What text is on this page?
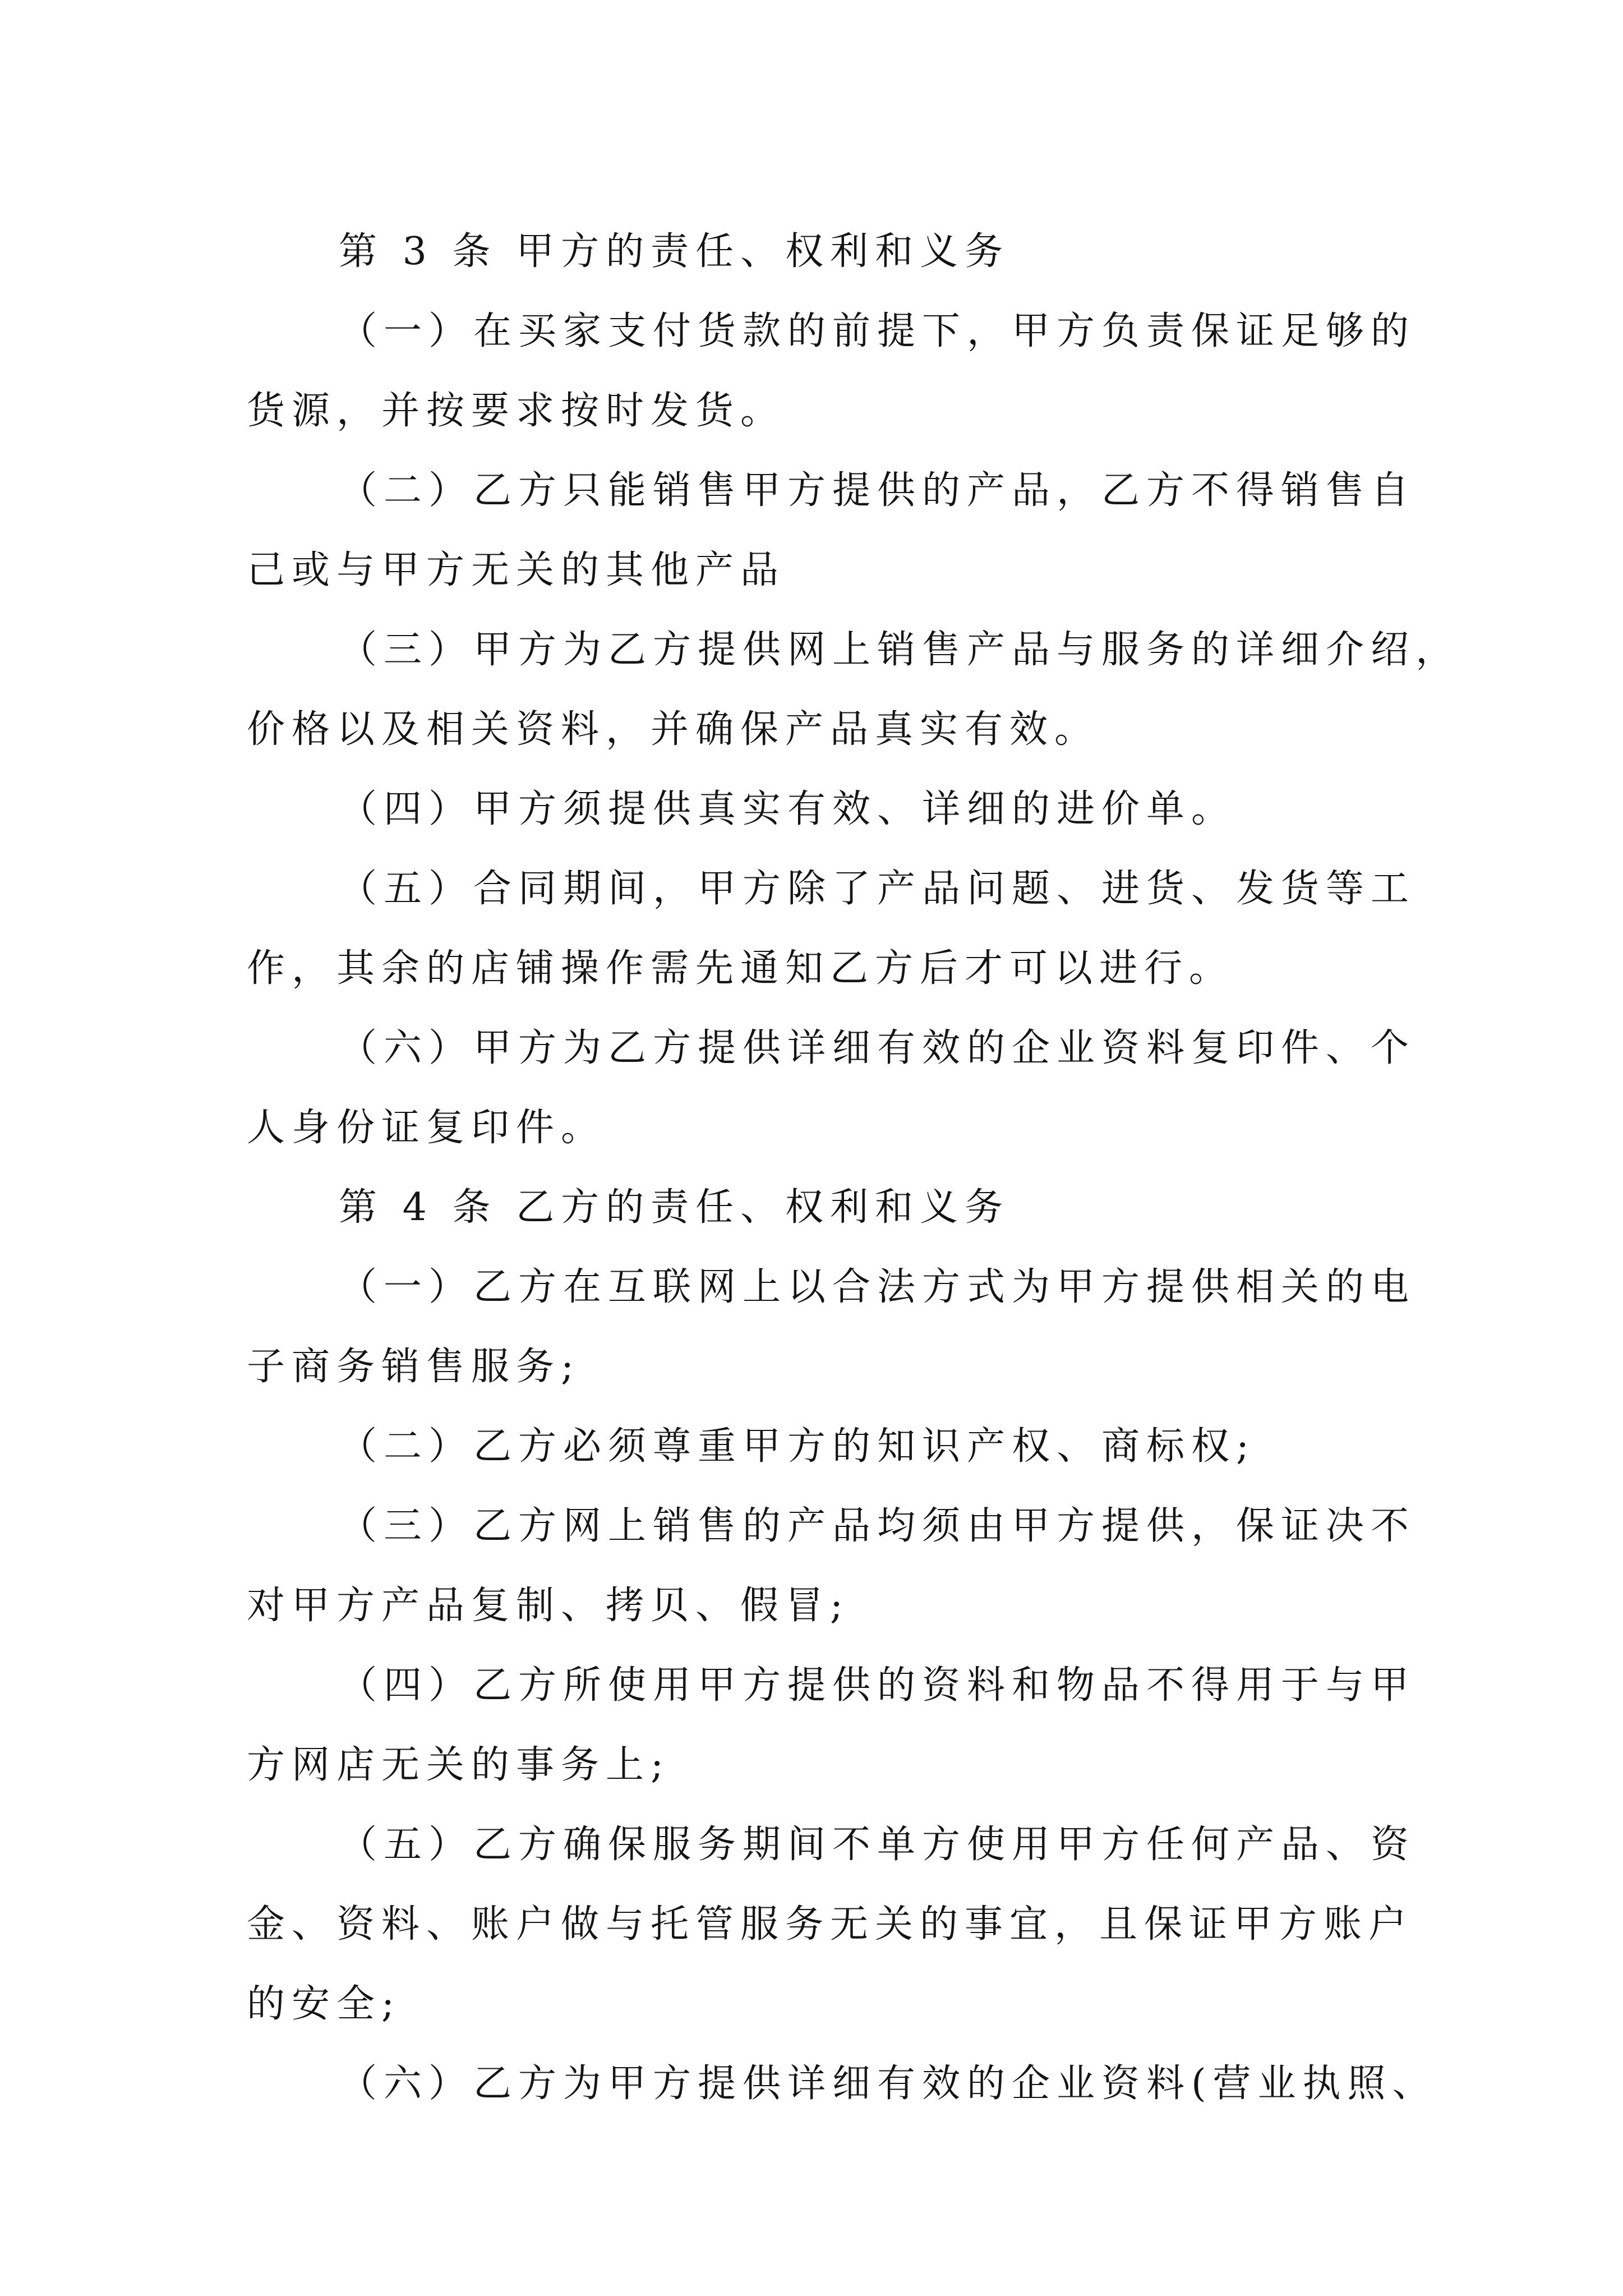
第 3 条 甲方的责任、权利和义务

（一）在买家支付货款的前提下，甲方负责保证足够的

货源，并按要求按时发货。

（二）乙方只能销售甲方提供的产品，乙方不得销售自

己或与甲方无关的其他产品

（三）甲方为乙方提供网上销售产品与服务的详细介绍，

价格以及相关资料，并确保产品真实有效。

（四）甲方须提供真实有效、详细的进价单。

（五）合同期间，甲方除了产品问题、进货、发货等工

作，其余的店铺操作需先通知乙方后才可以进行。

（六）甲方为乙方提供详细有效的企业资料复印件、个

人身份证复印件。

第 4 条 乙方的责任、权利和义务

（一）乙方在互联网上以合法方式为甲方提供相关的电

子商务销售服务;

（二）乙方必须尊重甲方的知识产权、商标权;

（三）乙方网上销售的产品均须由甲方提供，保证决不

对甲方产品复制、拷贝、假冒;

（四）乙方所使用甲方提供的资料和物品不得用于与甲

方网店无关的事务上;

（五）乙方确保服务期间不单方使用甲方任何产品、资

金、资料、账户做与托管服务无关的事宜，且保证甲方账户

的安全;

（六）乙方为甲方提供详细有效的企业资料(营业执照、
